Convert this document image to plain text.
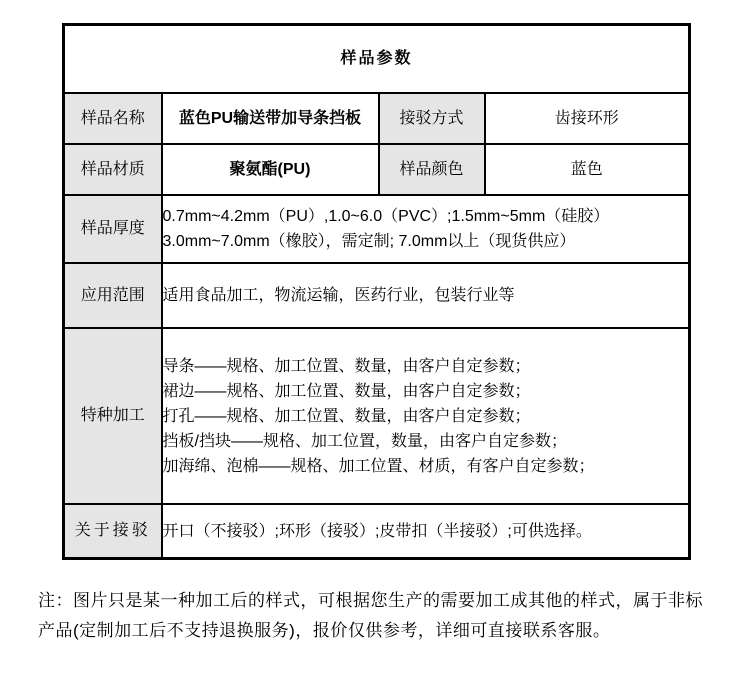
样品参数			
样品名称	蓝色PU输送带加导条挡板	接驳方式	齿接环形
样品材质	聚氨酯(PU)	样品颜色	蓝色
样品厚度	0.7mm~4.2mm（PU）,1.0~6.0（PVC）;1.5mm~5mm（硅胶）
3.0mm~7.0mm（橡胶），需定制; 7.0mm以上（现货供应）		

应用范围	适用食品加工，物流运输，医药行业，包装行业等		

特种加工	导条——规格、加工位置、数量，由客户自定参数；
裙边——规格、加工位置、数量，由客户自定参数；
打孔——规格、加工位置、数量，由客户自定参数；
挡板/挡块——规格、加工位置，数量，由客户自定参数；
加海绵、泡棉——规格、加工位置、材质，有客户自定参数；		

关于接驳	开口（不接驳）;环形（接驳）;皮带扣（半接驳）;可供选择。		
注：图片只是某一种加工后的样式，可根据您生产的需要加工成其他的样式，属于非标
产品(定制加工后不支持退换服务)，报价仅供参考，详细可直接联系客服。
